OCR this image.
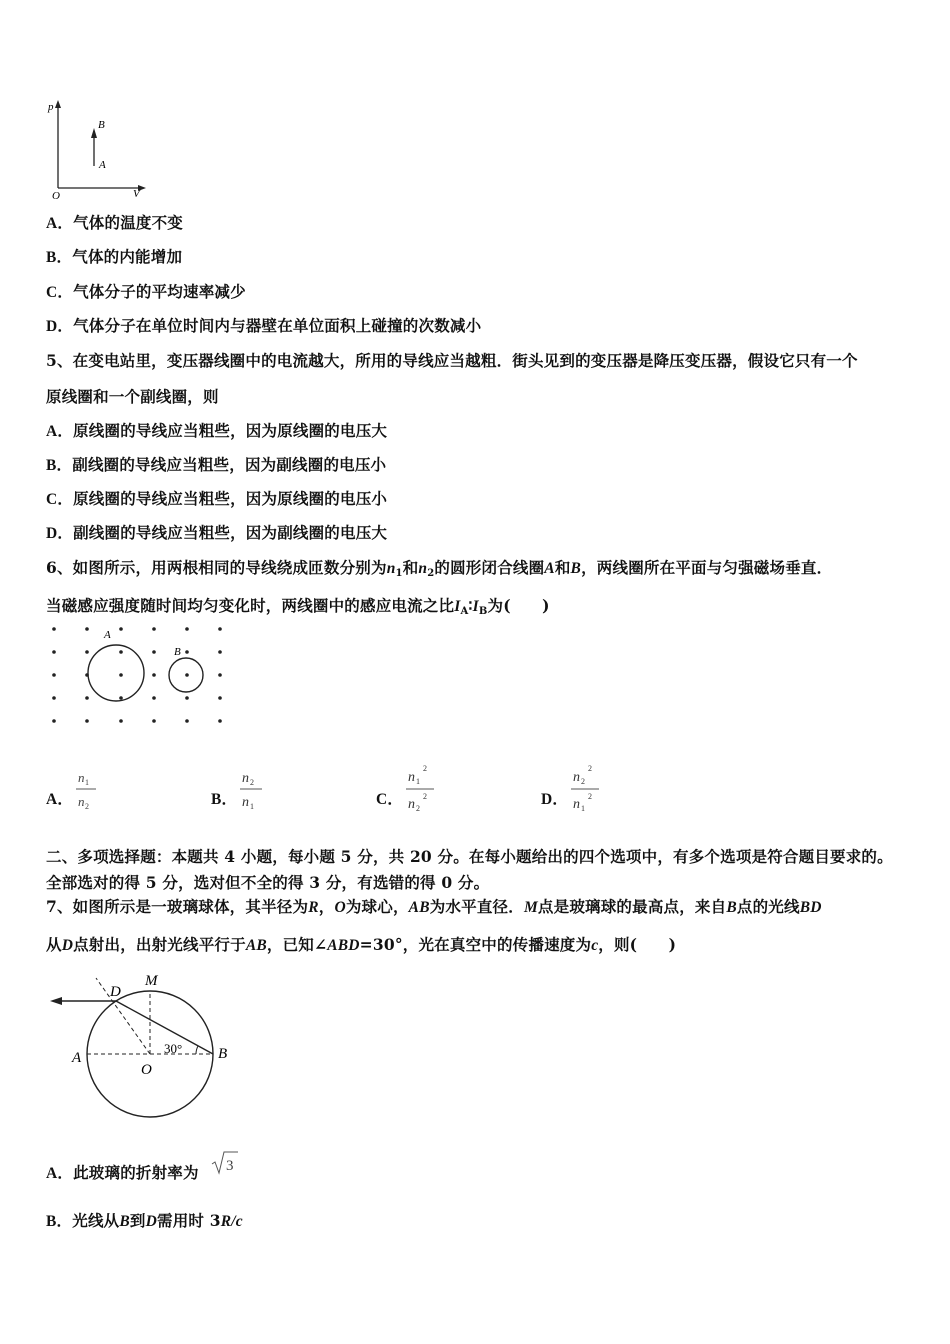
p
V
O
A
B
A．气体的温度不变
B．气体的内能增加
C．气体分子的平均速率减少
D．气体分子在单位时间内与器壁在单位面积上碰撞的次数减小
5、在变电站里，变压器线圈中的电流越大，所用的导线应当越粗．街头见到的变压器是降压变压器，假设它只有一个
原线圈和一个副线圈，则
A．原线圈的导线应当粗些，因为原线圈的电压大
B．副线圈的导线应当粗些，因为副线圈的电压小
C．原线圈的导线应当粗些，因为原线圈的电压小
D．副线圈的导线应当粗些，因为副线圈的电压大
6、如图所示，用两根相同的导线绕成匝数分别为$n_1$和$n_2$的圆形闭合线圈A和B，两线圈所在平面与匀强磁场垂直．
当磁感应强度随时间均匀变化时，两线圈中的感应电流之比$I_A∶I_B$为(　　)
A
B
A．
n 1
n 2	B．
n 2
n 1	C．
n 1
2
n 2
2	D．
n 2
2
n 1
2
二、多项选择题：本题共 4 小题，每小题 5 分，共 20 分。在每小题给出的四个选项中，有多个选项是符合题目要求的。
全部选对的得 5 分，选对但不全的得 3 分，有选错的得 0 分。
7、如图所示是一玻璃球体，其半径为R，O为球心，AB为水平直径．M点是玻璃球的最高点，来自B点的光线BD
从D点射出，出射光线平行于AB，已知∠ABD=30°，光在真空中的传播速度为c，则(　　)
D
M
A
O
B
30°
A．此玻璃的折射率为 3
B．光线从B到D需用时 3R/c
